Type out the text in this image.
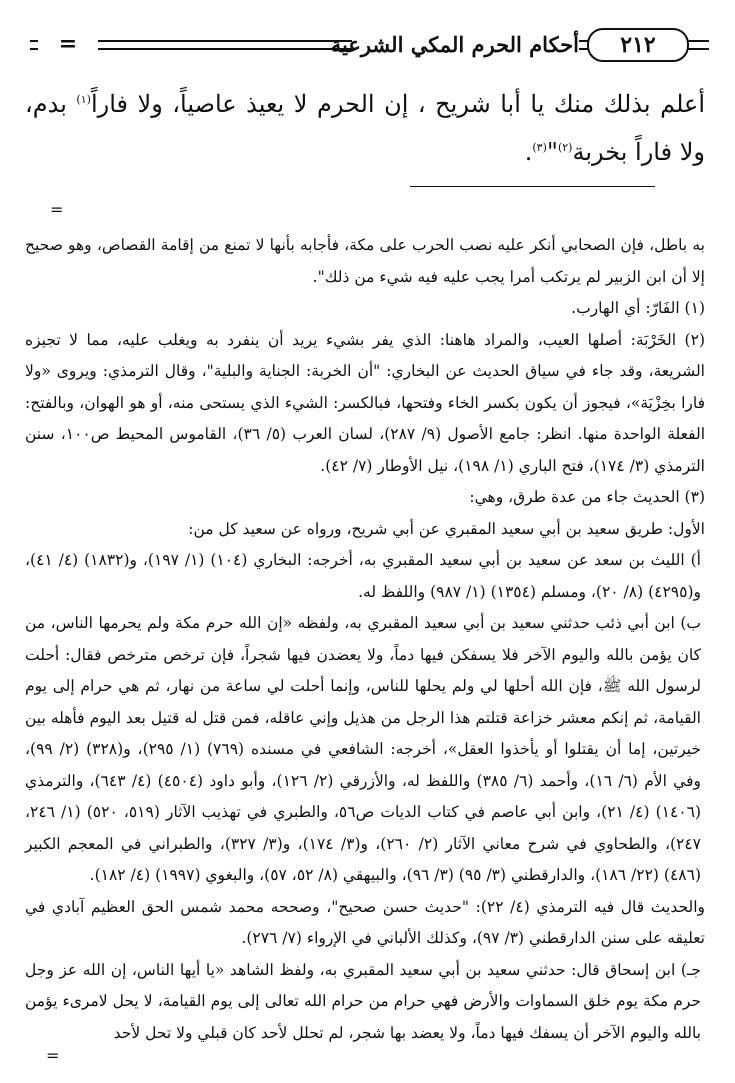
٢١٢
أحكام الحرم المكي الشرعية
=
أعلم بذلك منك يا أبا شريح ، إن الحرم لا يعيذ عاصياً، ولا فاراً$^{(١)}$ بدم، ولا فاراً بخربة$^{(٢)}$"$^{(٣)}$.
=

به باطل، فإن الصحابي أنكر عليه نصب الحرب على مكة، فأجابه بأنها لا تمنع من إقامة القصاص، وهو صحيح إلا أن ابن الزبير لم يرتكب أمرا يجب عليه فيه شيء من ذلك".

(١) الفَارّ: أي الهارب.

(٢) الخَرْبَة: أصلها العيب، والمراد هاهنا: الذي يفر بشيء يريد أن ينفرد به ويغلب عليه، مما لا تجيزه الشريعة، وقد جاء في سياق الحديث عن البخاري: "أن الخربة: الجناية والبلية"، وقال الترمذي: ويروى «ولا فارا بخِزْيَة»، فيجوز أن يكون بكسر الخاء وفتحها، فبالكسر: الشيء الذي يستحى منه، أو هو الهوان، وبالفتح: الفعلة الواحدة منها. انظر: جامع الأصول (٩/ ٢٨٧)، لسان العرب (٥/ ٣٦)، القاموس المحيط ص١٠٠، سنن الترمذي (٣/ ١٧٤)، فتح الباري (١/ ١٩٨)، نيل الأوطار (٧/ ٤٢).

(٣) الحديث جاء من عدة طرق، وهي:

الأول: طريق سعيد بن أبي سعيد المقبري عن أبي شريح، ورواه عن سعيد كل من:

أ) الليث بن سعد عن سعيد بن أبي سعيد المقبري به، أخرجه: البخاري (١٠٤) (١/ ١٩٧)، و(١٨٣٢) (٤/ ٤١)، و(٤٢٩٥) (٨/ ٢٠)، ومسلم (١٣٥٤) (١/ ٩٨٧) واللفظ له.

ب) ابن أبي ذئب حدثني سعيد بن أبي سعيد المقبري به، ولفظه «إن الله حرم مكة ولم يحرمها الناس، من كان يؤمن بالله واليوم الآخر فلا يسفكن فيها دماً، ولا يعضدن فيها شجراً، فإن ترخص مترخص فقال: أحلت لرسول الله ﷺ، فإن الله أحلها لي ولم يحلها للناس، وإنما أحلت لي ساعة من نهار، ثم هي حرام إلى يوم القيامة، ثم إنكم معشر خزاعة قتلتم هذا الرجل من هذيل وإني عاقله، فمن قتل له قتيل بعد اليوم فأهله بين خيرتين، إما أن يقتلوا أو يأخذوا العقل»، أخرجه: الشافعي في مسنده (٧٦٩) (١/ ٢٩٥)، و(٣٢٨) (٢/ ٩٩)، وفي الأم (٦/ ١٦)، وأحمد (٦/ ٣٨٥) واللفظ له، والأزرقي (٢/ ١٢٦)، وأبو داود (٤٥٠٤) (٤/ ٦٤٣)، والترمذي (١٤٠٦) (٤/ ٢١)، وابن أبي عاصم في كتاب الديات ص٥٦، والطبري في تهذيب الآثار (٥١٩، ٥٢٠) (١/ ٢٤٦، ٢٤٧)، والطحاوي في شرح معاني الآثار (٢/ ٢٦٠)، و(٣/ ١٧٤)، و(٣/ ٣٢٧)، والطبراني في المعجم الكبير (٤٨٦) (٢٢/ ١٨٦)، والدارقطني (٣/ ٩٥) (٣/ ٩٦)، والبيهقي (٨/ ٥٢، ٥٧)، والبغوي (١٩٩٧) (٤/ ١٨٢).

والحديث قال فيه الترمذي (٤/ ٢٢): "حديث حسن صحيح"، وصححه محمد شمس الحق العظيم آبادي في تعليقه على سنن الدارقطني (٣/ ٩٧)، وكذلك الألباني في الإرواء (٧/ ٢٧٦).

جـ) ابن إسحاق قال: حدثني سعيد بن أبي سعيد المقبري به، ولفظ الشاهد «يا أيها الناس، إن الله عز وجل حرم مكة يوم خلق السماوات والأرض فهي حرام من حرام الله تعالى إلى يوم القيامة، لا يحل لامرىء يؤمن بالله واليوم الآخر أن يسفك فيها دماً، ولا يعضد بها شجر، لم تحلل لأحد كان قبلي ولا تحل لأحد

=
